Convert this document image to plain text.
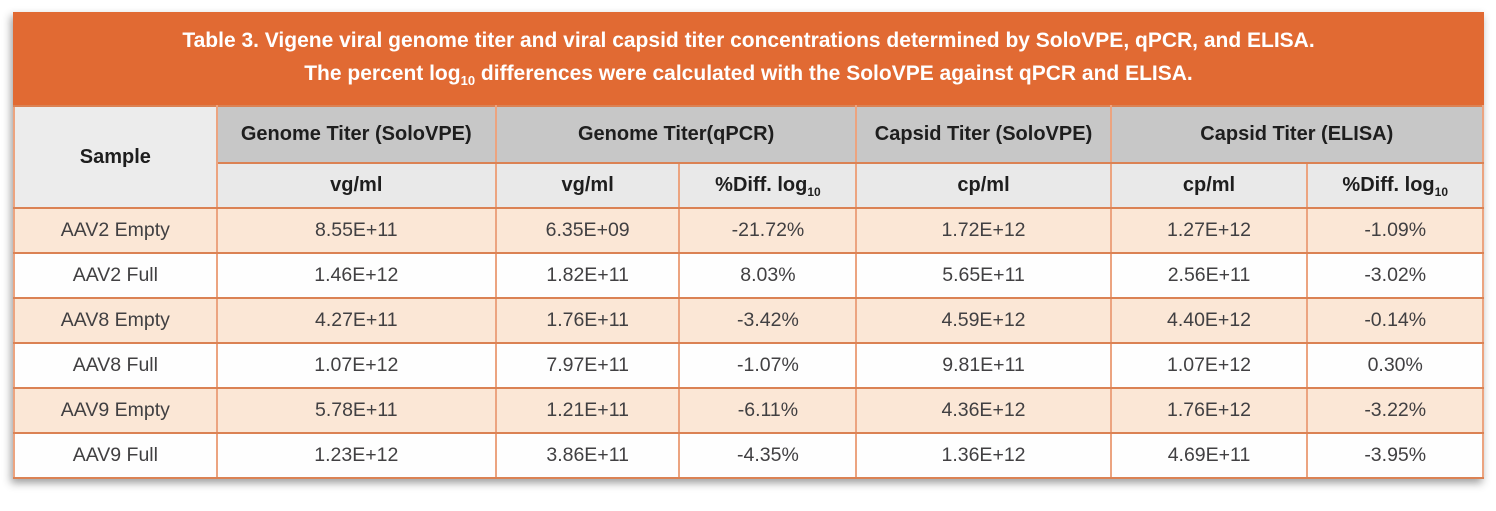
Table 3. Vigene viral genome titer and viral capsid titer concentrations determined by SoloVPE, qPCR, and ELISA.
The percent $\log_{10}$ differences were calculated with the SoloVPE against qPCR and ELISA.
Sample	Genome Titer (SoloVPE)	Genome Titer(qPCR)		Capsid Titer (SoloVPE)	Capsid Titer (ELISA)	
	vg/ml	vg/ml	%Diff. $\log_{10}$	cp/ml	cp/ml	%Diff. $\log_{10}$
AAV2 Empty	8.55E+11	6.35E+09	-21.72%	1.72E+12	1.27E+12	-1.09%
AAV2 Full	1.46E+12	1.82E+11	8.03%	5.65E+11	2.56E+11	-3.02%
AAV8 Empty	4.27E+11	1.76E+11	-3.42%	4.59E+12	4.40E+12	-0.14%
AAV8 Full	1.07E+12	7.97E+11	-1.07%	9.81E+11	1.07E+12	0.30%
AAV9 Empty	5.78E+11	1.21E+11	-6.11%	4.36E+12	1.76E+12	-3.22%
AAV9 Full	1.23E+12	3.86E+11	-4.35%	1.36E+12	4.69E+11	-3.95%
